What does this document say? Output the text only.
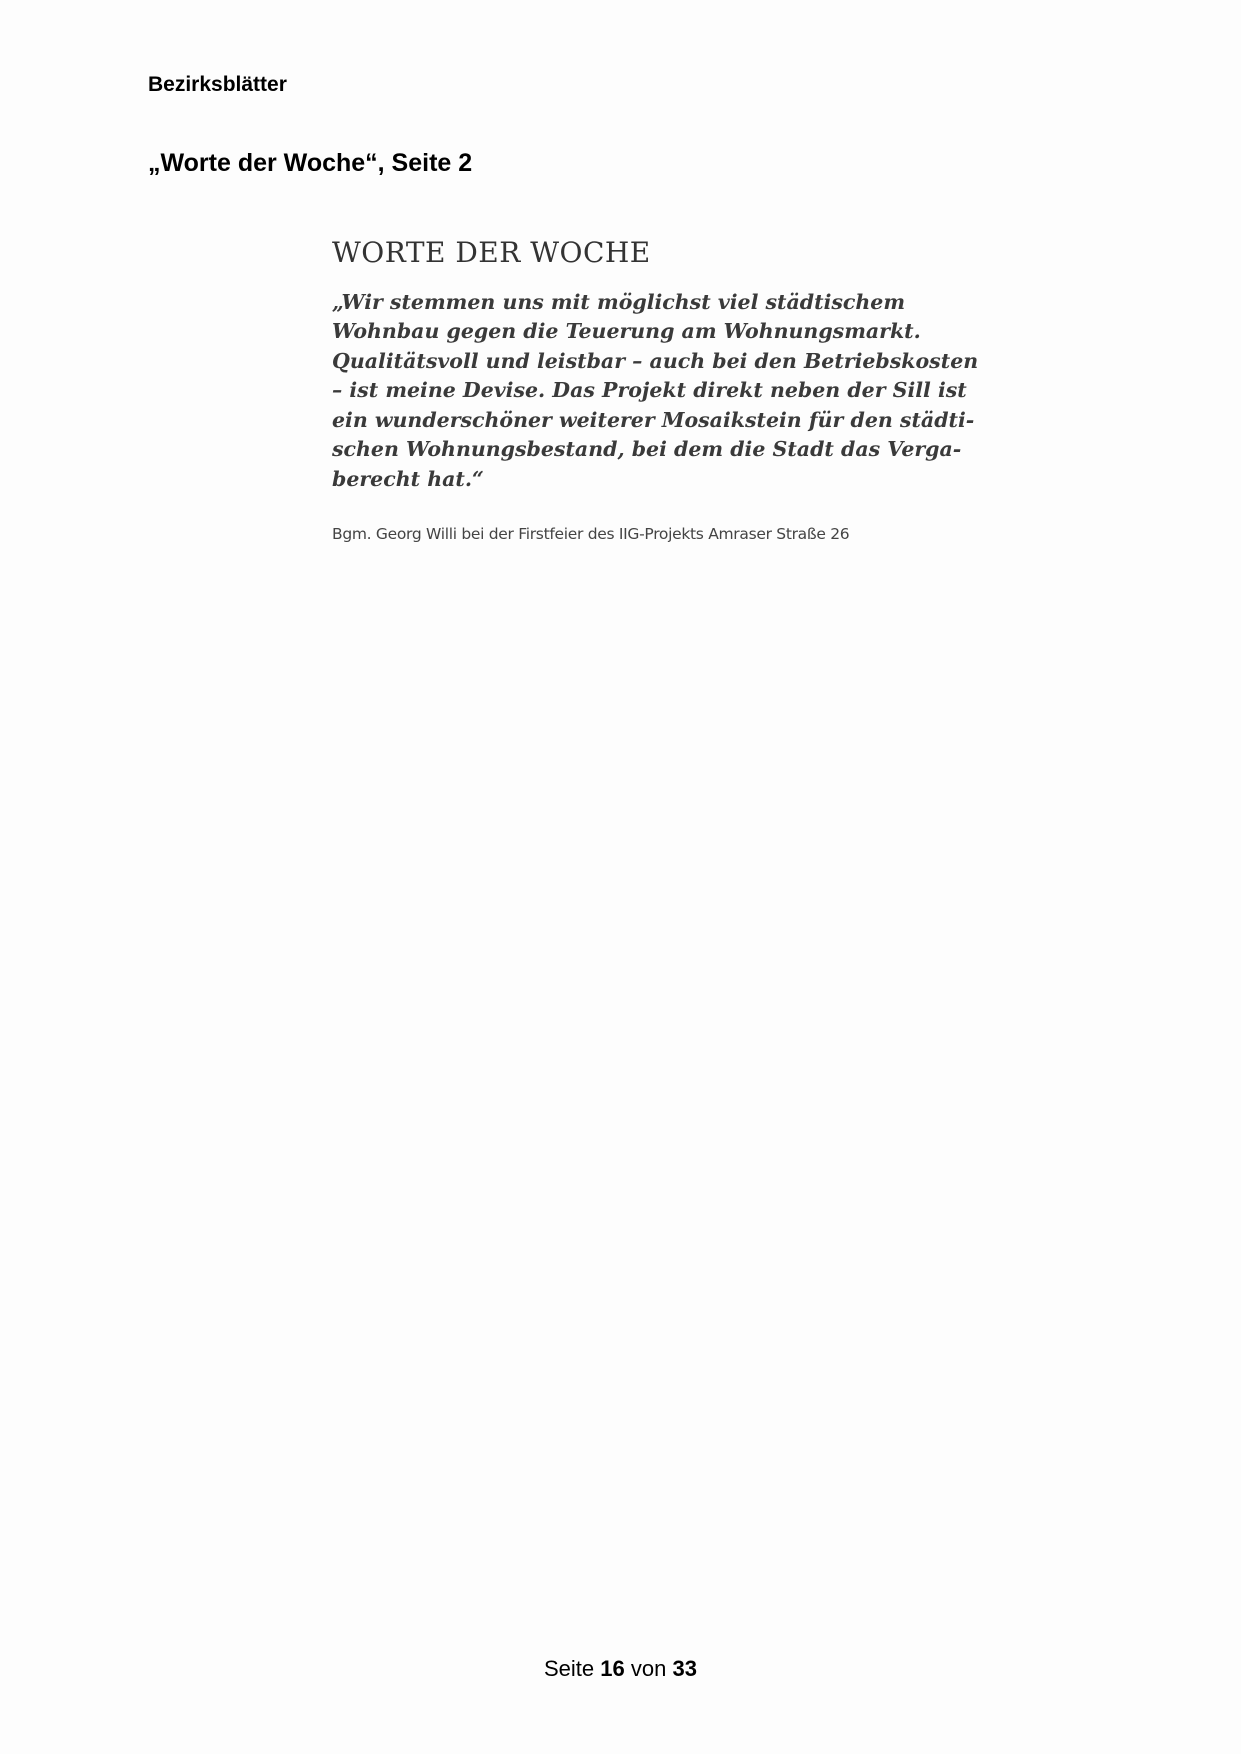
Bezirksblätter
„Worte der Woche“, Seite 2
WORTE DER WOCHE
„Wir stemmen uns mit möglichst viel städtischem
Wohnbau gegen die Teuerung am Wohnungsmarkt.
Qualitätsvoll und leistbar – auch bei den Betriebskosten
– ist meine Devise. Das Projekt direkt neben der Sill ist
ein wunderschöner weiterer Mosaikstein für den städti-
schen Wohnungsbestand, bei dem die Stadt das Verga-
berecht hat.“
Bgm. Georg Willi bei der Firstfeier des IIG-Projekts Amraser Straße 26
Seite 16 von 33
